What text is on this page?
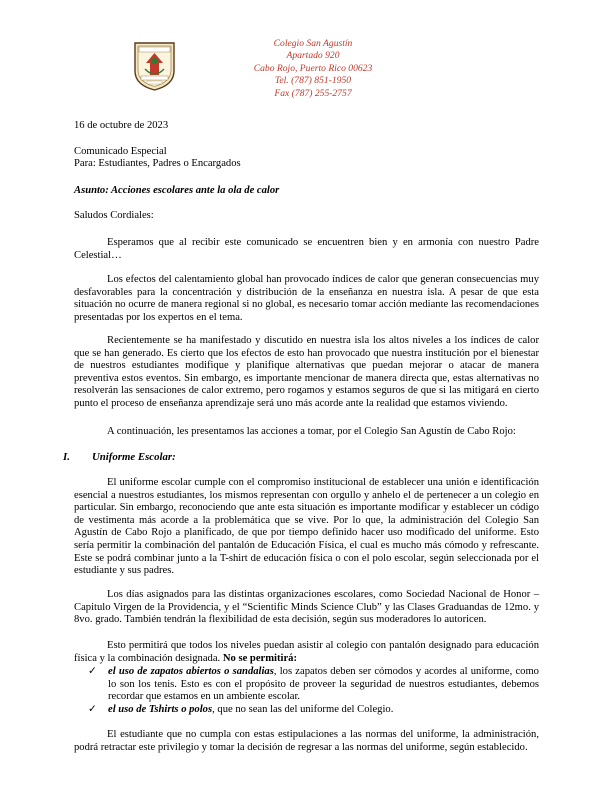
Colegio San Agustín
Apartado 920
Cabo Rojo, Puerto Rico 00623
Tel. (787) 851-1950
Fax (787) 255-2757
16 de octubre de 2023
Comunicado Especial
Para: Estudiantes, Padres o Encargados
Asunto: Acciones escolares ante la ola de calor
Saludos Cordiales:
Esperamos que al recibir este comunicado se encuentren bien y en armonía con nuestro Padre Celestial…
Los efectos del calentamiento global han provocado índices de calor que generan consecuencias muy desfavorables para la concentración y distribución de la enseñanza en nuestra isla. A pesar de que esta situación no ocurre de manera regional si no global, es necesario tomar acción mediante las recomendaciones presentadas por los expertos en el tema.
Recientemente se ha manifestado y discutido en nuestra isla los altos niveles a los índices de calor que se han generado. Es cierto que los efectos de esto han provocado que nuestra institución por el bienestar de nuestros estudiantes modifique y planifique alternativas que puedan mejorar o atacar de manera preventiva estos eventos. Sin embargo, es importante mencionar de manera directa que, estas alternativas no resolverán las sensaciones de calor extremo, pero rogamos y estamos seguros de que si las mitigará en cierto punto el proceso de enseñanza aprendizaje será uno más acorde ante la realidad que estamos viviendo.
A continuación, les presentamos las acciones a tomar, por el Colegio San Agustín de Cabo Rojo:
I. Uniforme Escolar:
El uniforme escolar cumple con el compromiso institucional de establecer una unión e identificación esencial a nuestros estudiantes, los mismos representan con orgullo y anhelo el de pertenecer a un colegio en particular. Sin embargo, reconociendo que ante esta situación es importante modificar y establecer un código de vestimenta más acorde a la problemática que se vive. Por lo que, la administración del Colegio San Agustín de Cabo Rojo a planificado, de que por tiempo definido hacer uso modificado del uniforme. Esto sería permitir la combinación del pantalón de Educación Física, el cual es mucho más cómodo y refrescante. Este se podrá combinar junto a la T-shirt de educación física o con el polo escolar, según seleccionada por el estudiante y sus padres.
Los días asignados para las distintas organizaciones escolares, como Sociedad Nacional de Honor – Capitulo Virgen de la Providencia, y el “Scientific Minds Science Club” y las Clases Graduandas de 12mo. y 8vo. grado. También tendrán la flexibilidad de esta decisión, según sus moderadores lo autoricen.
Esto permitirá que todos los niveles puedan asistir al colegio con pantalón designado para educación física y la combinación designada. No se permitirá:
✓ el uso de zapatos abiertos o sandalias, los zapatos deben ser cómodos y acordes al uniforme, como lo son los tenis. Esto es con el propósito de proveer la seguridad de nuestros estudiantes, debemos recordar que estamos en un ambiente escolar.
✓ el uso de Tshirts o polos, que no sean las del uniforme del Colegio.
El estudiante que no cumpla con estas estipulaciones a las normas del uniforme, la administración, podrá retractar este privilegio y tomar la decisión de regresar a las normas del uniforme, según establecido.
